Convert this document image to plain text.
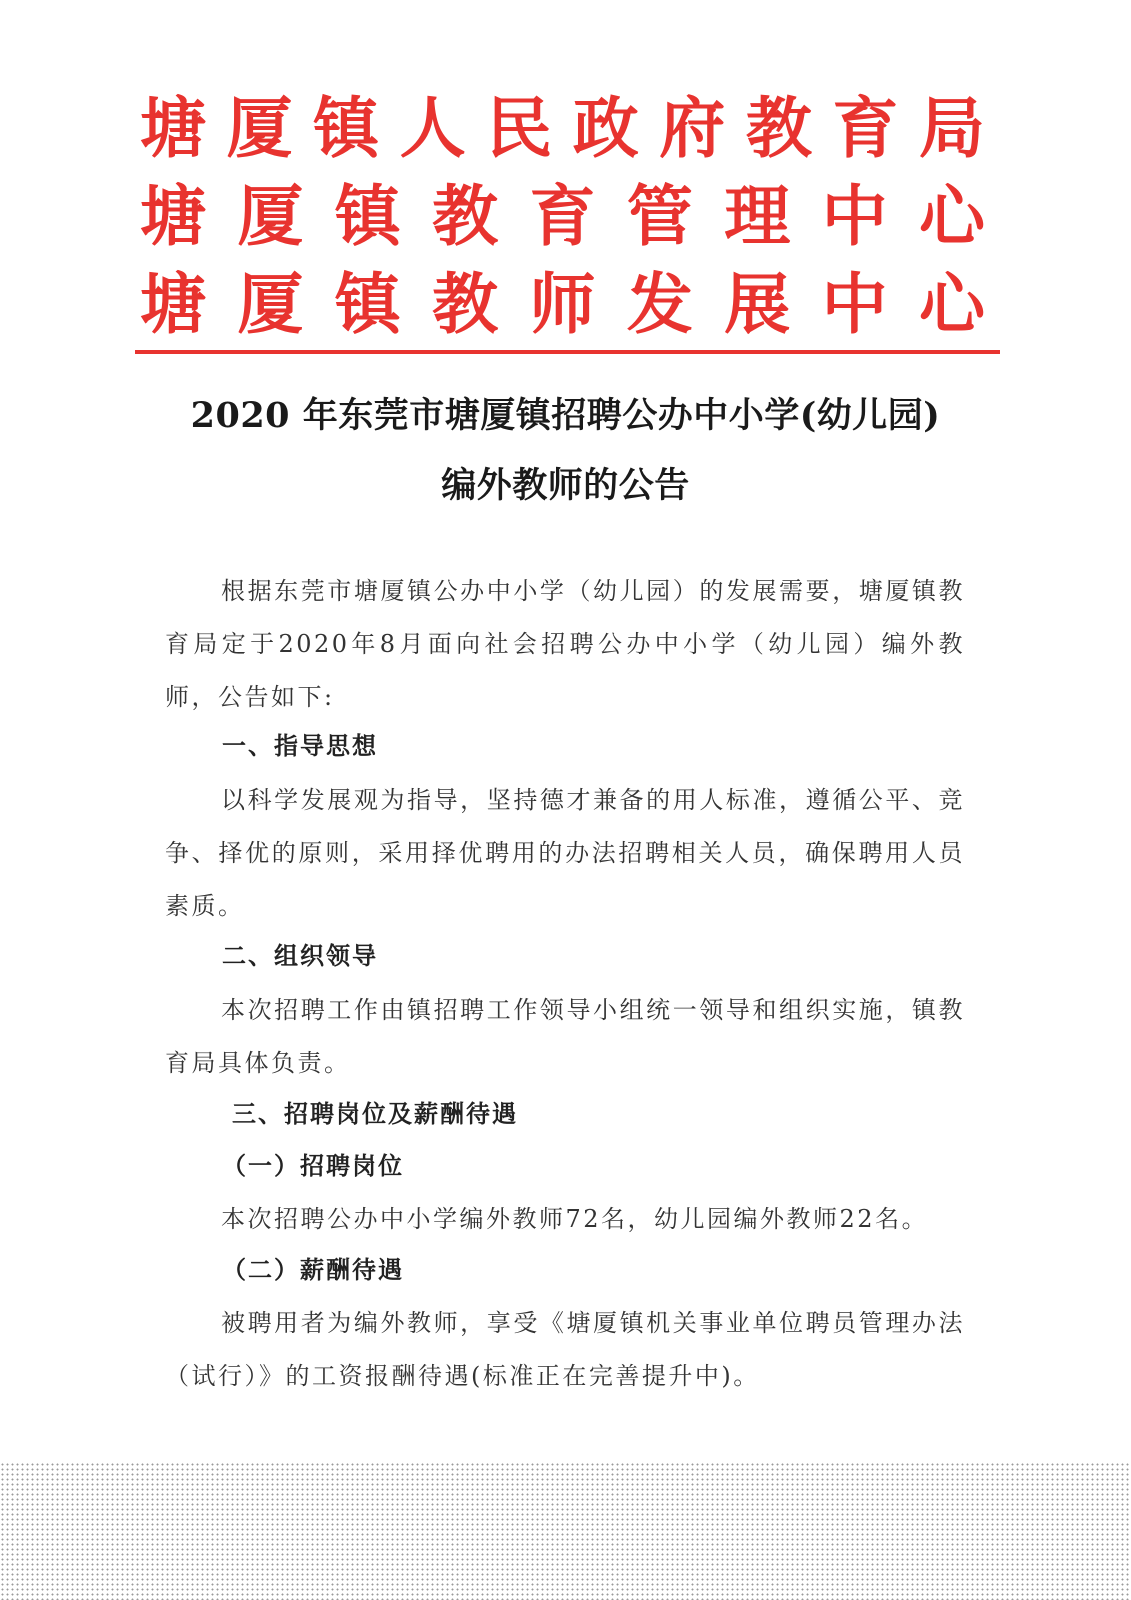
塘 厦 镇 人 民 政 府 教 育 局
塘 厦 镇 教 育 管 理 中 心
塘 厦 镇 教 师 发 展 中 心
2020 年东莞市塘厦镇招聘公办中小学(幼儿园)
编外教师的公告

根据东莞市塘厦镇公办中小学（幼儿园）的发展需要，塘厦镇教育局定于2020年8月面向社会招聘公办中小学（幼儿园）编外教师，公告如下:

一、指导思想

以科学发展观为指导，坚持德才兼备的用人标准，遵循公平、竞争、择优的原则，采用择优聘用的办法招聘相关人员，确保聘用人员素质。

二、组织领导

本次招聘工作由镇招聘工作领导小组统一领导和组织实施，镇教育局具体负责。

三、招聘岗位及薪酬待遇

（一）招聘岗位

本次招聘公办中小学编外教师72名，幼儿园编外教师22名。

（二）薪酬待遇

被聘用者为编外教师，享受《塘厦镇机关事业单位聘员管理办法（试行）》的工资报酬待遇(标准正在完善提升中)。
